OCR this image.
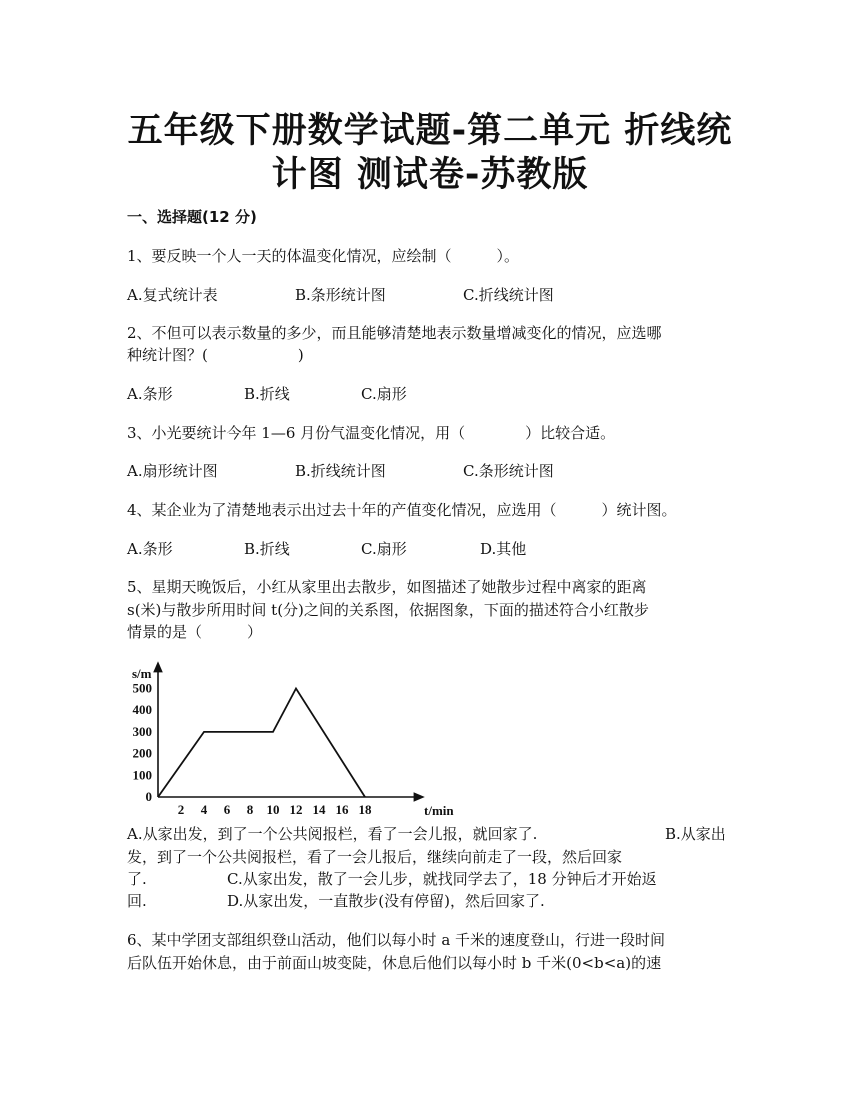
五年级下册数学试题-第二单元 折线统
计图 测试卷-苏教版
一、选择题(12 分)
1、要反映一个人一天的体温变化情况，应绘制（　　　）。
A.复式统计表	B.条形统计图	C.折线统计图
2、不但可以表示数量的多少，而且能够清楚地表示数量增减变化的情况，应选哪
种统计图？(　　　　　　)
A.条形	B.折线	C.扇形
3、小光要统计今年 1—6 月份气温变化情况，用（　　　　）比较合适。
A.扇形统计图	B.折线统计图	C.条形统计图
4、某企业为了清楚地表示出过去十年的产值变化情况，应选用（　　　）统计图。
A.条形	B.折线	C.扇形	D.其他
5、星期天晚饭后，小红从家里出去散步，如图描述了她散步过程中离家的距离
s(米)与散步所用时间 t(分)之间的关系图，依据图象，下面的描述符合小红散步
情景的是（　　　）
s/m
t/min
0
100
200
300
400
500
2 4 6 8 10 12 14 16 18
A.从家出发，到了一个公共阅报栏，看了一会儿报，就回家了.	B.从家出
发，到了一个公共阅报栏，看了一会儿报后，继续向前走了一段，然后回家
了.	C.从家出发，散了一会儿步，就找同学去了，18 分钟后才开始返
回.	D.从家出发，一直散步(没有停留)，然后回家了.
6、某中学团支部组织登山活动，他们以每小时 a 千米的速度登山，行进一段时间
后队伍开始休息，由于前面山坡变陡，休息后他们以每小时 b 千米(0<b<a)的速
